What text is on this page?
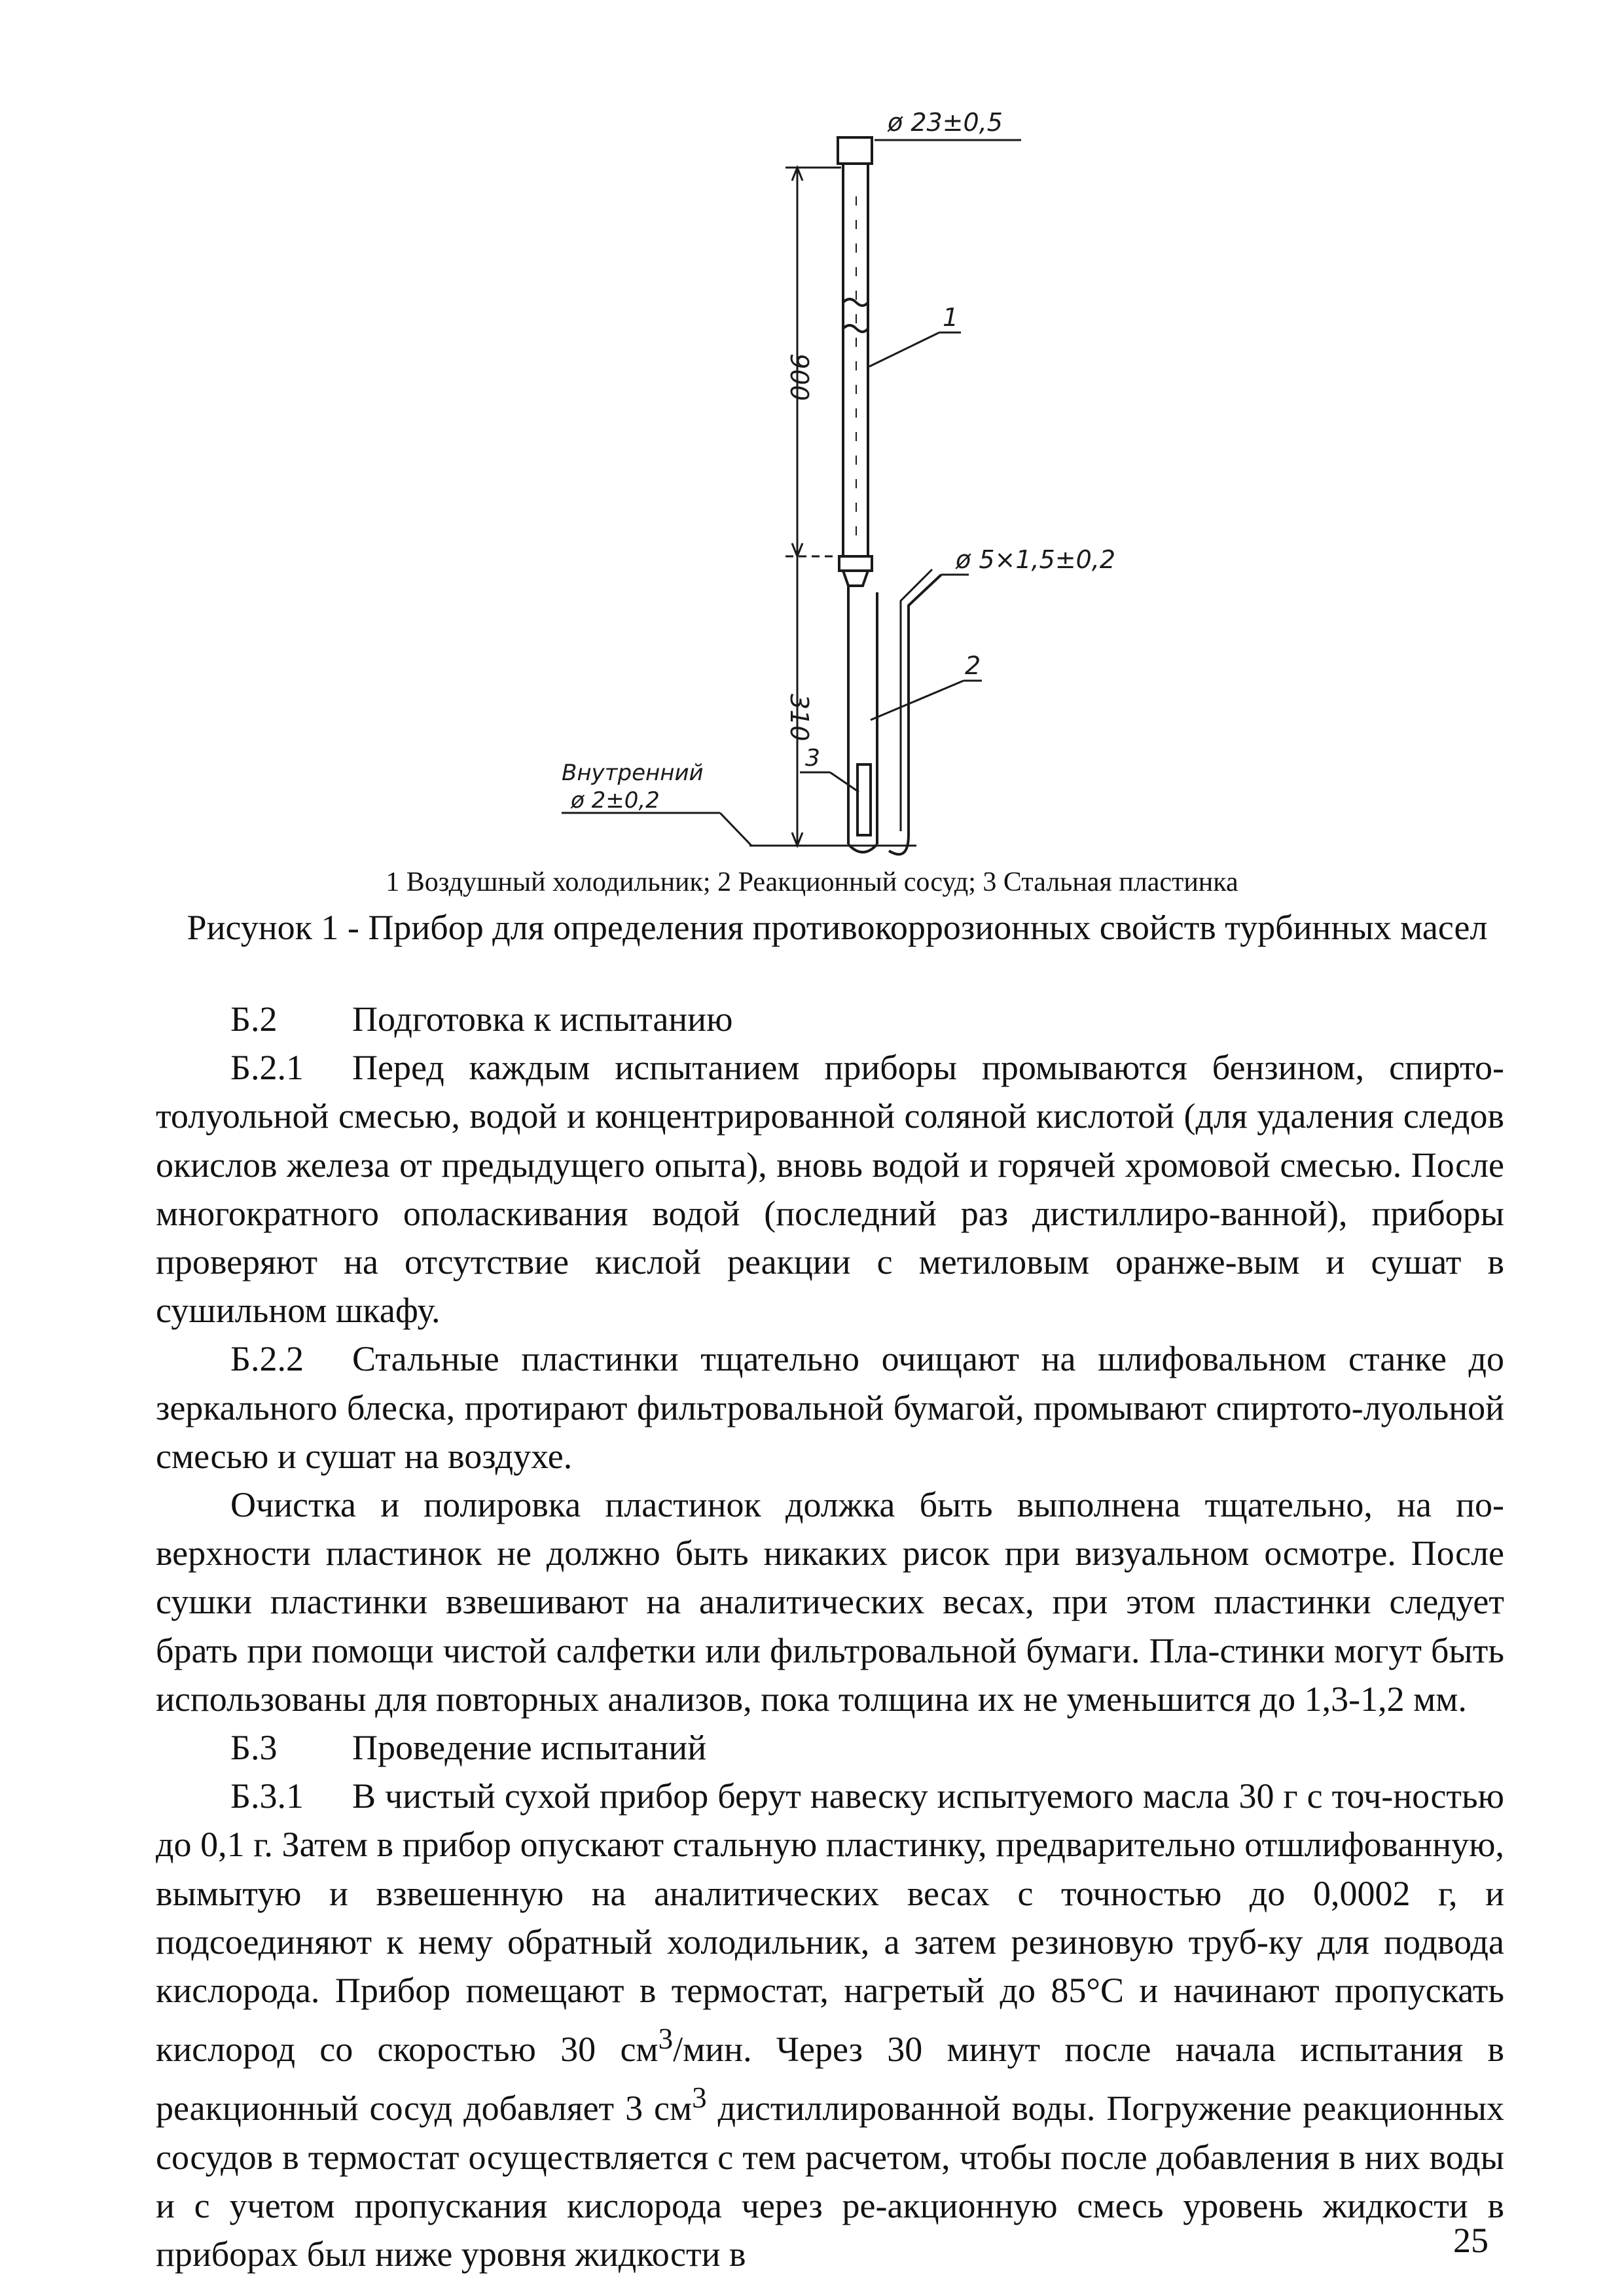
ø 23±0,5
900
1
ø 5×1,5±0,2
2
310
3
Внутренний
ø 2±0,2
1 Воздушный холодильник; 2 Реакционный сосуд; 3 Стальная пластинка
Рисунок 1 - Прибор для определения противокоррозионных свойств турбинных масел

Б.2 Подготовка к испытанию

Б.2.1 Перед каждым испытанием приборы промываются бензином, спирто-толуольной смесью, водой и концентрированной соляной кислотой (для удаления следов окислов железа от предыдущего опыта), вновь водой и горячей хромовой смесью. После многократного ополаскивания водой (последний раз дистиллиро-ванной), приборы проверяют на отсутствие кислой реакции с метиловым оранже-вым и сушат в сушильном шкафу.

Б.2.2 Стальные пластинки тщательно очищают на шлифовальном станке до зеркального блеска, протирают фильтровальной бумагой, промывают спиртото-луольной смесью и сушат на воздухе.

Очистка и полировка пластинок должка быть выполнена тщательно, на по-верхности пластинок не должно быть никаких рисок при визуальном осмотре. После сушки пластинки взвешивают на аналитических весах, при этом пластинки следует брать при помощи чистой салфетки или фильтровальной бумаги. Пла-стинки могут быть использованы для повторных анализов, пока толщина их не уменьшится до 1,3-1,2 мм.

Б.3 Проведение испытаний

Б.3.1 В чистый сухой прибор берут навеску испытуемого масла 30 г с точ-ностью до 0,1 г. Затем в прибор опускают стальную пластинку, предварительно отшлифованную, вымытую и взвешенную на аналитических весах с точностью до 0,0002 г, и подсоединяют к нему обратный холодильник, а затем резиновую труб-ку для подвода кислорода. Прибор помещают в термостат, нагретый до 85°С и начинают пропускать кислород со скоростью 30 $см^3$/мин. Через 30 минут после начала испытания в реакционный сосуд добавляет 3 $см^3$ дистиллированной воды. Погружение реакционных сосудов в термостат осуществляется с тем расчетом, чтобы после добавления в них воды и с учетом пропускания кислорода через ре-акционную смесь уровень жидкости в приборах был ниже уровня жидкости в	25
